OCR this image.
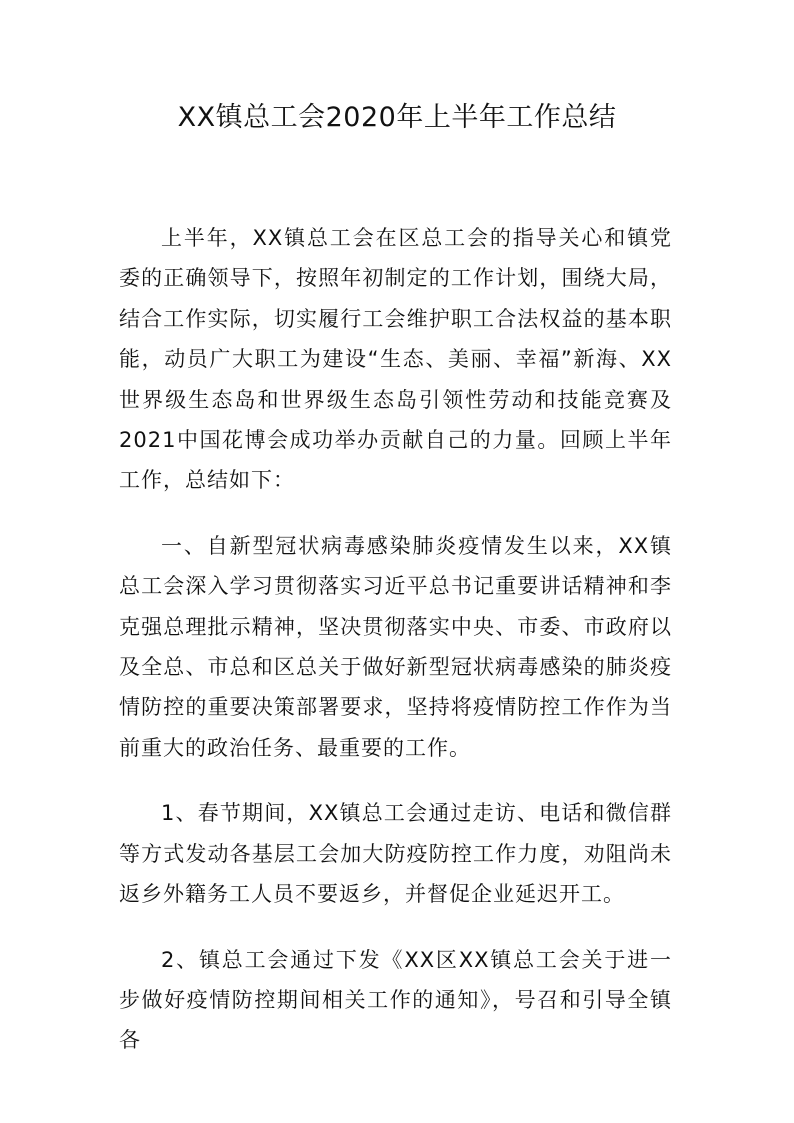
XX镇总工会2020年上半年工作总结

上半年，XX镇总工会在区总工会的指导关心和镇党委的正确领导下，按照年初制定的工作计划，围绕大局，结合工作实际，切实履行工会维护职工合法权益的基本职能，动员广大职工为建设“生态、美丽、幸福”新海、XX世界级生态岛和世界级生态岛引领性劳动和技能竞赛及2021中国花博会成功举办贡献自己的力量。回顾上半年工作，总结如下：

一、自新型冠状病毒感染肺炎疫情发生以来，XX镇总工会深入学习贯彻落实习近平总书记重要讲话精神和李克强总理批示精神，坚决贯彻落实中央、市委、市政府以及全总、市总和区总关于做好新型冠状病毒感染的肺炎疫情防控的重要决策部署要求，坚持将疫情防控工作作为当前重大的政治任务、最重要的工作。

1、春节期间，XX镇总工会通过走访、电话和微信群等方式发动各基层工会加大防疫防控工作力度，劝阻尚未返乡外籍务工人员不要返乡，并督促企业延迟开工。

2、镇总工会通过下发《XX区XX镇总工会关于进一步做好疫情防控期间相关工作的通知》，号召和引导全镇各
